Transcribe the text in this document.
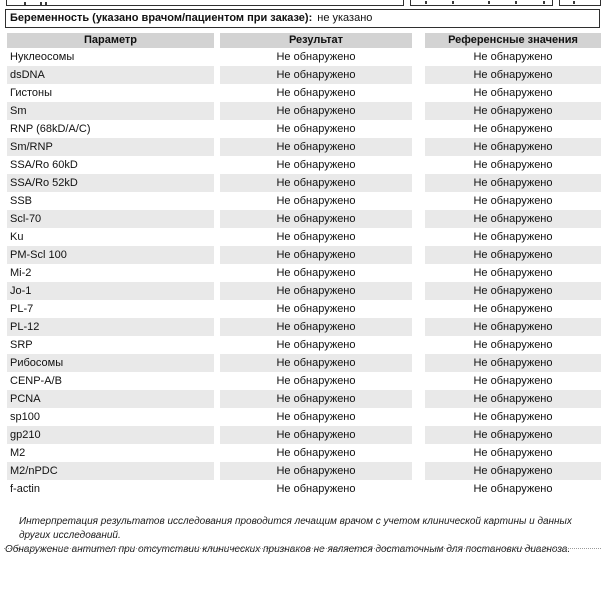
Беременность (указано врачом/пациентом при заказе): не указано
Параметр	Результат	Референсные значения
Нуклеосомы	Не обнаружено	Не обнаружено
dsDNA	Не обнаружено	Не обнаружено
Гистоны	Не обнаружено	Не обнаружено
Sm	Не обнаружено	Не обнаружено
RNP (68kD/A/C)	Не обнаружено	Не обнаружено
Sm/RNP	Не обнаружено	Не обнаружено
SSA/Ro 60kD	Не обнаружено	Не обнаружено
SSA/Ro 52kD	Не обнаружено	Не обнаружено
SSB	Не обнаружено	Не обнаружено
Scl-70	Не обнаружено	Не обнаружено
Ku	Не обнаружено	Не обнаружено
PM-Scl 100	Не обнаружено	Не обнаружено
Mi-2	Не обнаружено	Не обнаружено
Jo-1	Не обнаружено	Не обнаружено
PL-7	Не обнаружено	Не обнаружено
PL-12	Не обнаружено	Не обнаружено
SRP	Не обнаружено	Не обнаружено
Рибосомы	Не обнаружено	Не обнаружено
CENP-A/B	Не обнаружено	Не обнаружено
PCNA	Не обнаружено	Не обнаружено
sp100	Не обнаружено	Не обнаружено
gp210	Не обнаружено	Не обнаружено
M2	Не обнаружено	Не обнаружено
M2/nPDC	Не обнаружено	Не обнаружено
f-actin	Не обнаружено	Не обнаружено
Интерпретация результатов исследования проводится лечащим врачом с учетом клинической картины и данных других исследований.
Обнаружение антител при отсутствии клинических признаков не является достаточным для постановки диагноза.
